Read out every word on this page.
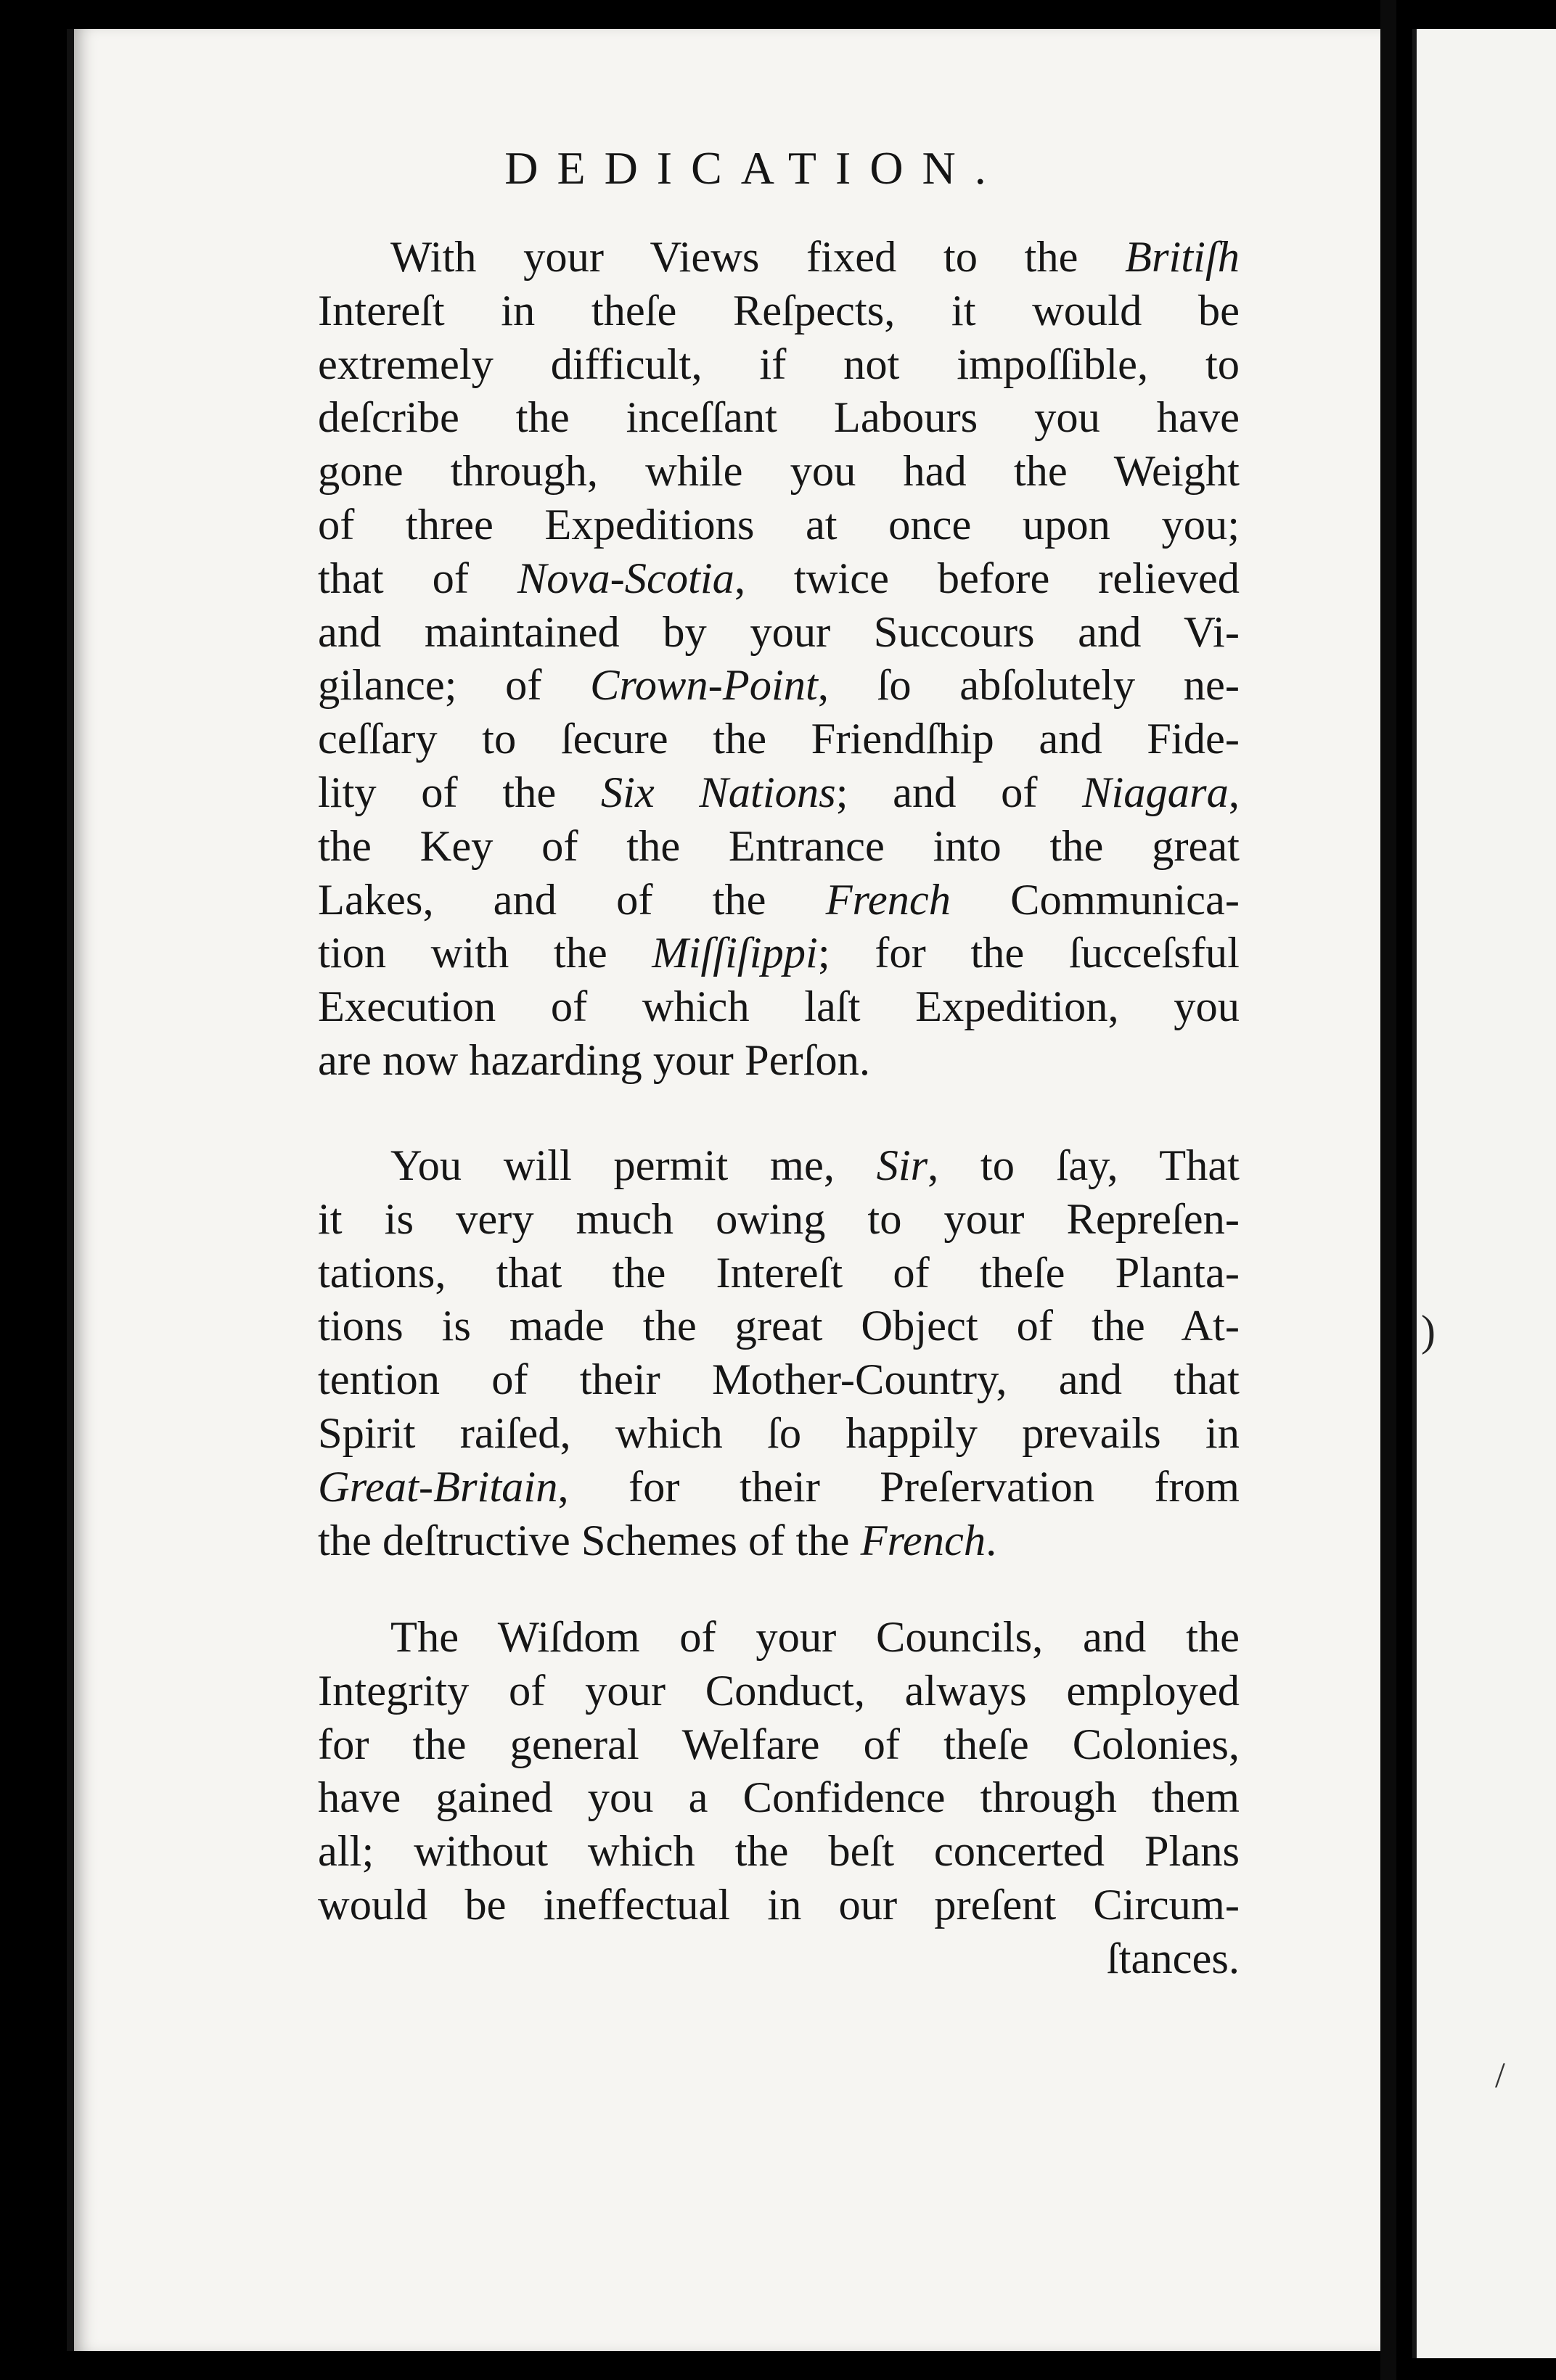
)
/
DEDICATION.
With your Views fixed to the Britiſh
Intereſt in theſe Reſpects, it would be
extremely difficult, if not impoſſible, to
deſcribe the inceſſant Labours you have
gone through, while you had the Weight
of three Expeditions at once upon you;
that of Nova-Scotia, twice before relieved
and maintained by your Succours and Vi-
gilance; of Crown-Point, ſo abſolutely ne-
ceſſary to ſecure the Friendſhip and Fide-
lity of the Six Nations; and of Niagara,
the Key of the Entrance into the great
Lakes, and of the French Communica-
tion with the Miſſiſippi; for the ſucceſsful
Execution of which laſt Expedition, you
are now hazarding your Perſon.
You will permit me, Sir, to ſay, That
it is very much owing to your Repreſen-
tations, that the Intereſt of theſe Planta-
tions is made the great Object of the At-
tention of their Mother-Country, and that
Spirit raiſed, which ſo happily prevails in
Great-Britain, for their Preſervation from
the deſtructive Schemes of the French.
The Wiſdom of your Councils, and the
Integrity of your Conduct, always employed
for the general Welfare of theſe Colonies,
have gained you a Confidence through them
all; without which the beſt concerted Plans
would be ineffectual in our preſent Circum-
ſtances.
